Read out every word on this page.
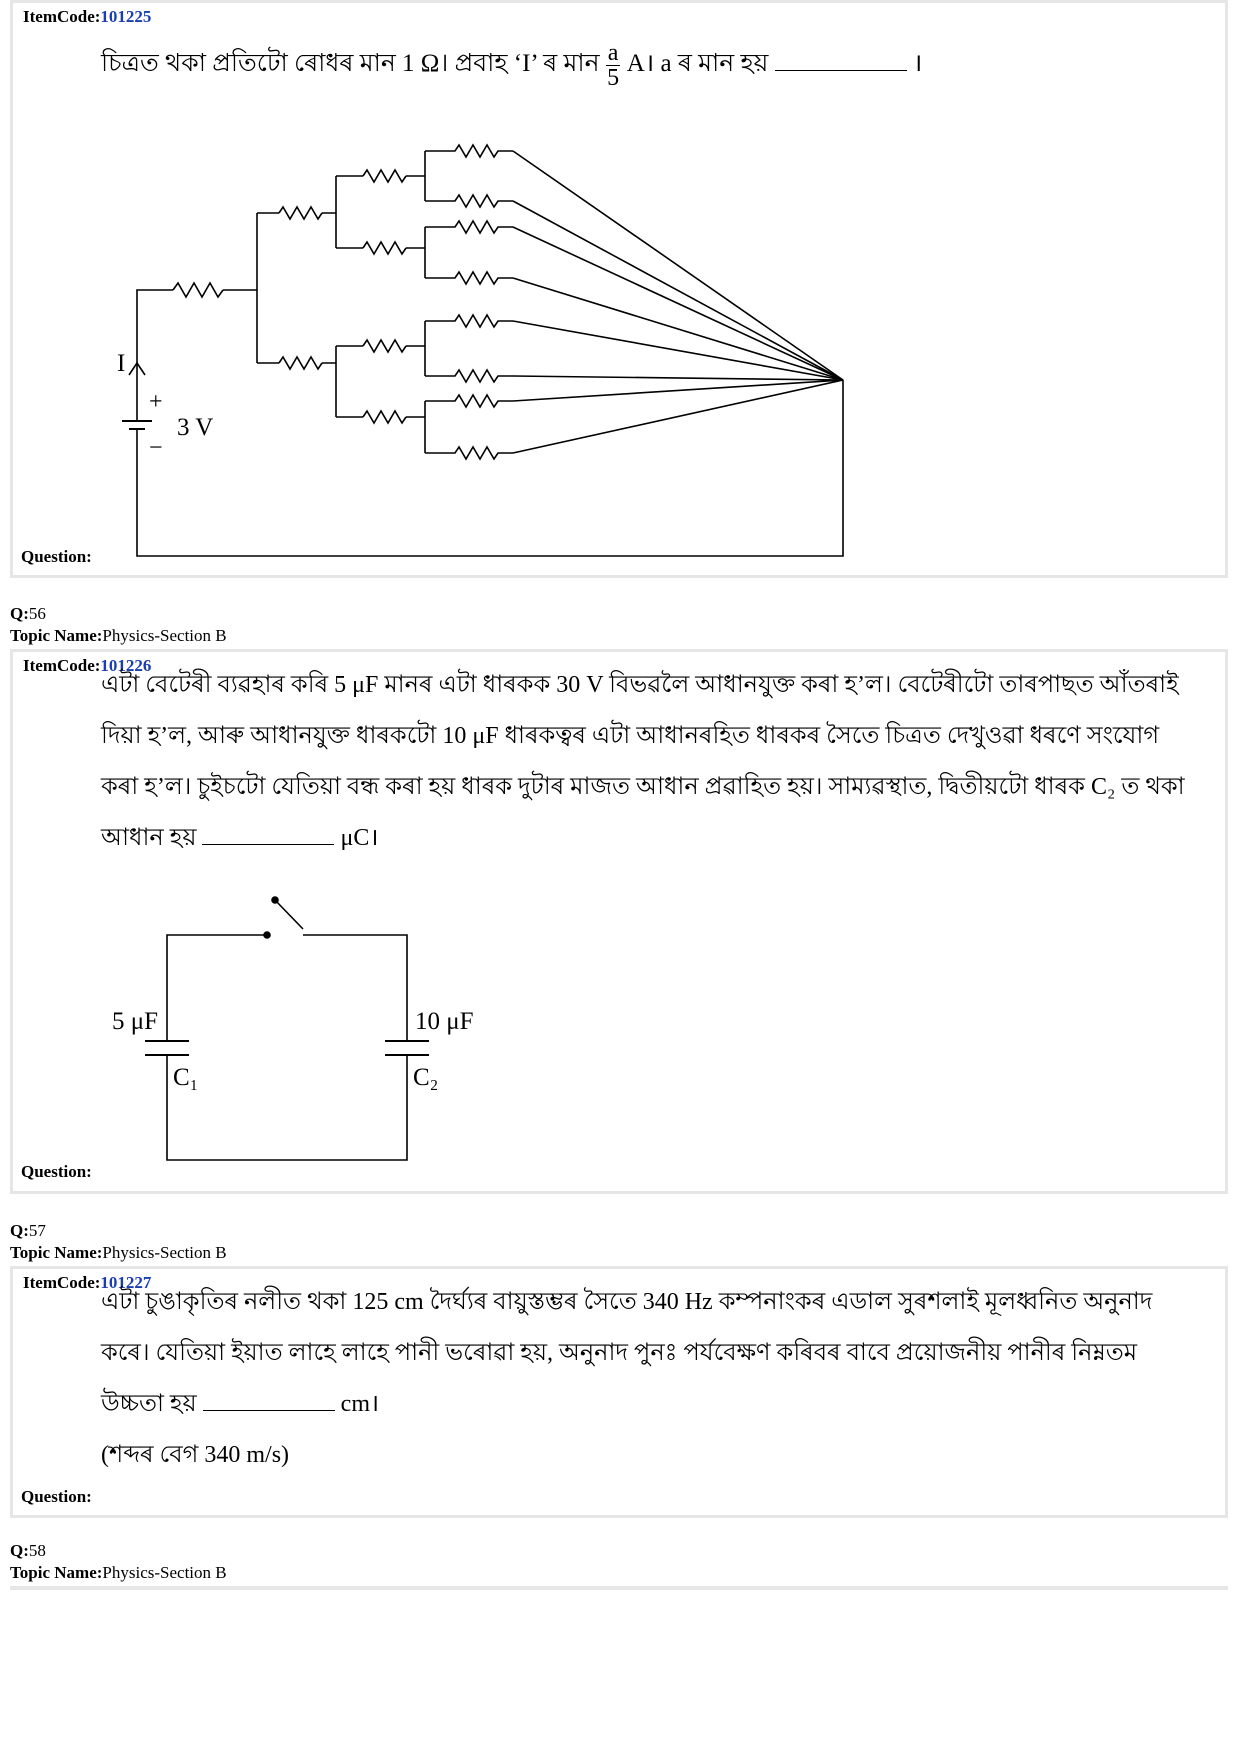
ItemCode:101225
চিত্ৰত থকা প্ৰতিটো ৰোধৰ মান 1 Ω। প্ৰবাহ ‘I’ ৰ মান $\frac{a}{5}$ A। a ৰ মান হয়	।
I
+
−
3 V
Question:
Q:56
Topic Name:Physics-Section B
ItemCode:101226
এটা বেটেৰী ব্যৱহাৰ কৰি 5 μF মানৰ এটা ধাৰকক 30 V বিভৱলৈ আধানযুক্ত কৰা হ’ল। বেটেৰীটো তাৰপাছত আঁতৰাই
দিয়া হ’ল, আৰু আধানযুক্ত ধাৰকটো 10 μF ধাৰকত্বৰ এটা আধানৰহিত ধাৰকৰ সৈতে চিত্ৰত দেখুওৱা ধৰণে সংযোগ
কৰা হ’ল। চুইচটো যেতিয়া বন্ধ কৰা হয় ধাৰক দুটাৰ মাজত আধান প্ৰৱাহিত হয়। সাম্যৱস্থাত, দ্বিতীয়টো ধাৰক C₂ ত থকা
আধান হয়	μC।
5 μF
C₁
10 μF
C₂
Question:
Q:57
Topic Name:Physics-Section B
ItemCode:101227
এটা চুঙাকৃতিৰ নলীত থকা 125 cm দৈৰ্ঘ্যৰ বায়ুস্তম্ভৰ সৈতে 340 Hz কম্পনাংকৰ এডাল সুৰশলাই মূলধ্বনিত অনুনাদ
কৰে। যেতিয়া ইয়াত লাহে লাহে পানী ভৰোৱা হয়, অনুনাদ পুনঃ পৰ্যবেক্ষণ কৰিবৰ বাবে প্ৰয়োজনীয় পানীৰ নিম্নতম
উচ্চতা হয়	cm।
(শব্দৰ বেগ 340 m/s)
Question:
Q:58
Topic Name:Physics-Section B
